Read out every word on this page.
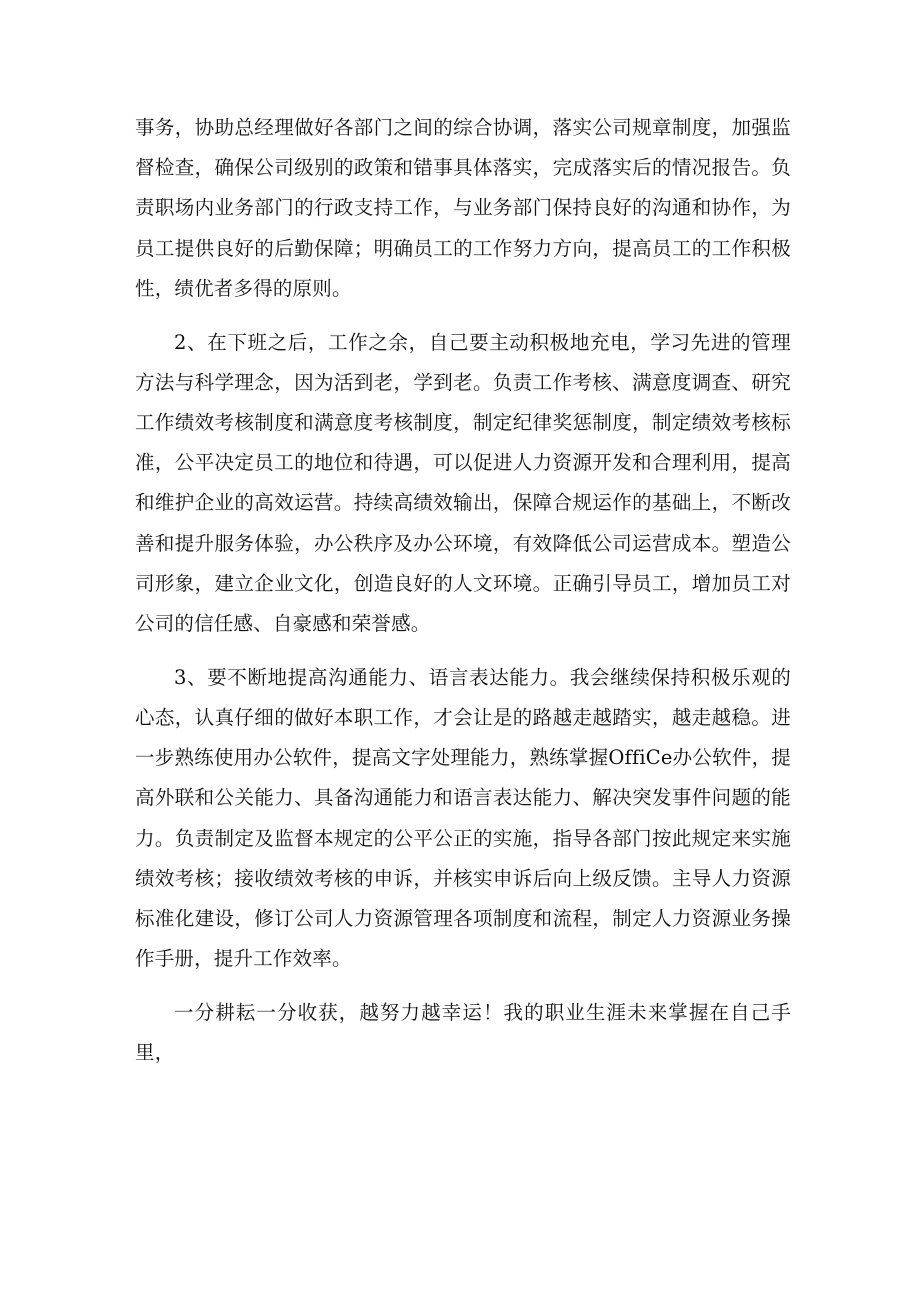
事务，协助总经理做好各部门之间的综合协调，落实公司规章制度，加强监督检查，确保公司级别的政策和错事具体落实，完成落实后的情况报告。负责职场内业务部门的行政支持工作，与业务部门保持良好的沟通和协作，为员工提供良好的后勤保障；明确员工的工作努力方向，提高员工的工作积极性，绩优者多得的原则。

2、在下班之后，工作之余，自己要主动积极地充电，学习先进的管理方法与科学理念，因为活到老，学到老。负责工作考核、满意度调查、研究工作绩效考核制度和满意度考核制度，制定纪律奖惩制度，制定绩效考核标准，公平决定员工的地位和待遇，可以促进人力资源开发和合理利用，提高和维护企业的高效运营。持续高绩效输出，保障合规运作的基础上，不断改善和提升服务体验，办公秩序及办公环境，有效降低公司运营成本。塑造公司形象，建立企业文化，创造良好的人文环境。正确引导员工，增加员工对公司的信任感、自豪感和荣誉感。

3、要不断地提高沟通能力、语言表达能力。我会继续保持积极乐观的心态，认真仔细的做好本职工作，才会让是的路越走越踏实，越走越稳。进一步熟练使用办公软件，提高文字处理能力，熟练掌握OffiCe办公软件，提高外联和公关能力、具备沟通能力和语言表达能力、解决突发事件问题的能力。负责制定及监督本规定的公平公正的实施，指导各部门按此规定来实施绩效考核；接收绩效考核的申诉，并核实申诉后向上级反馈。主导人力资源标准化建设，修订公司人力资源管理各项制度和流程，制定人力资源业务操作手册，提升工作效率。

一分耕耘一分收获，越努力越幸运！我的职业生涯未来掌握在自己手里，
